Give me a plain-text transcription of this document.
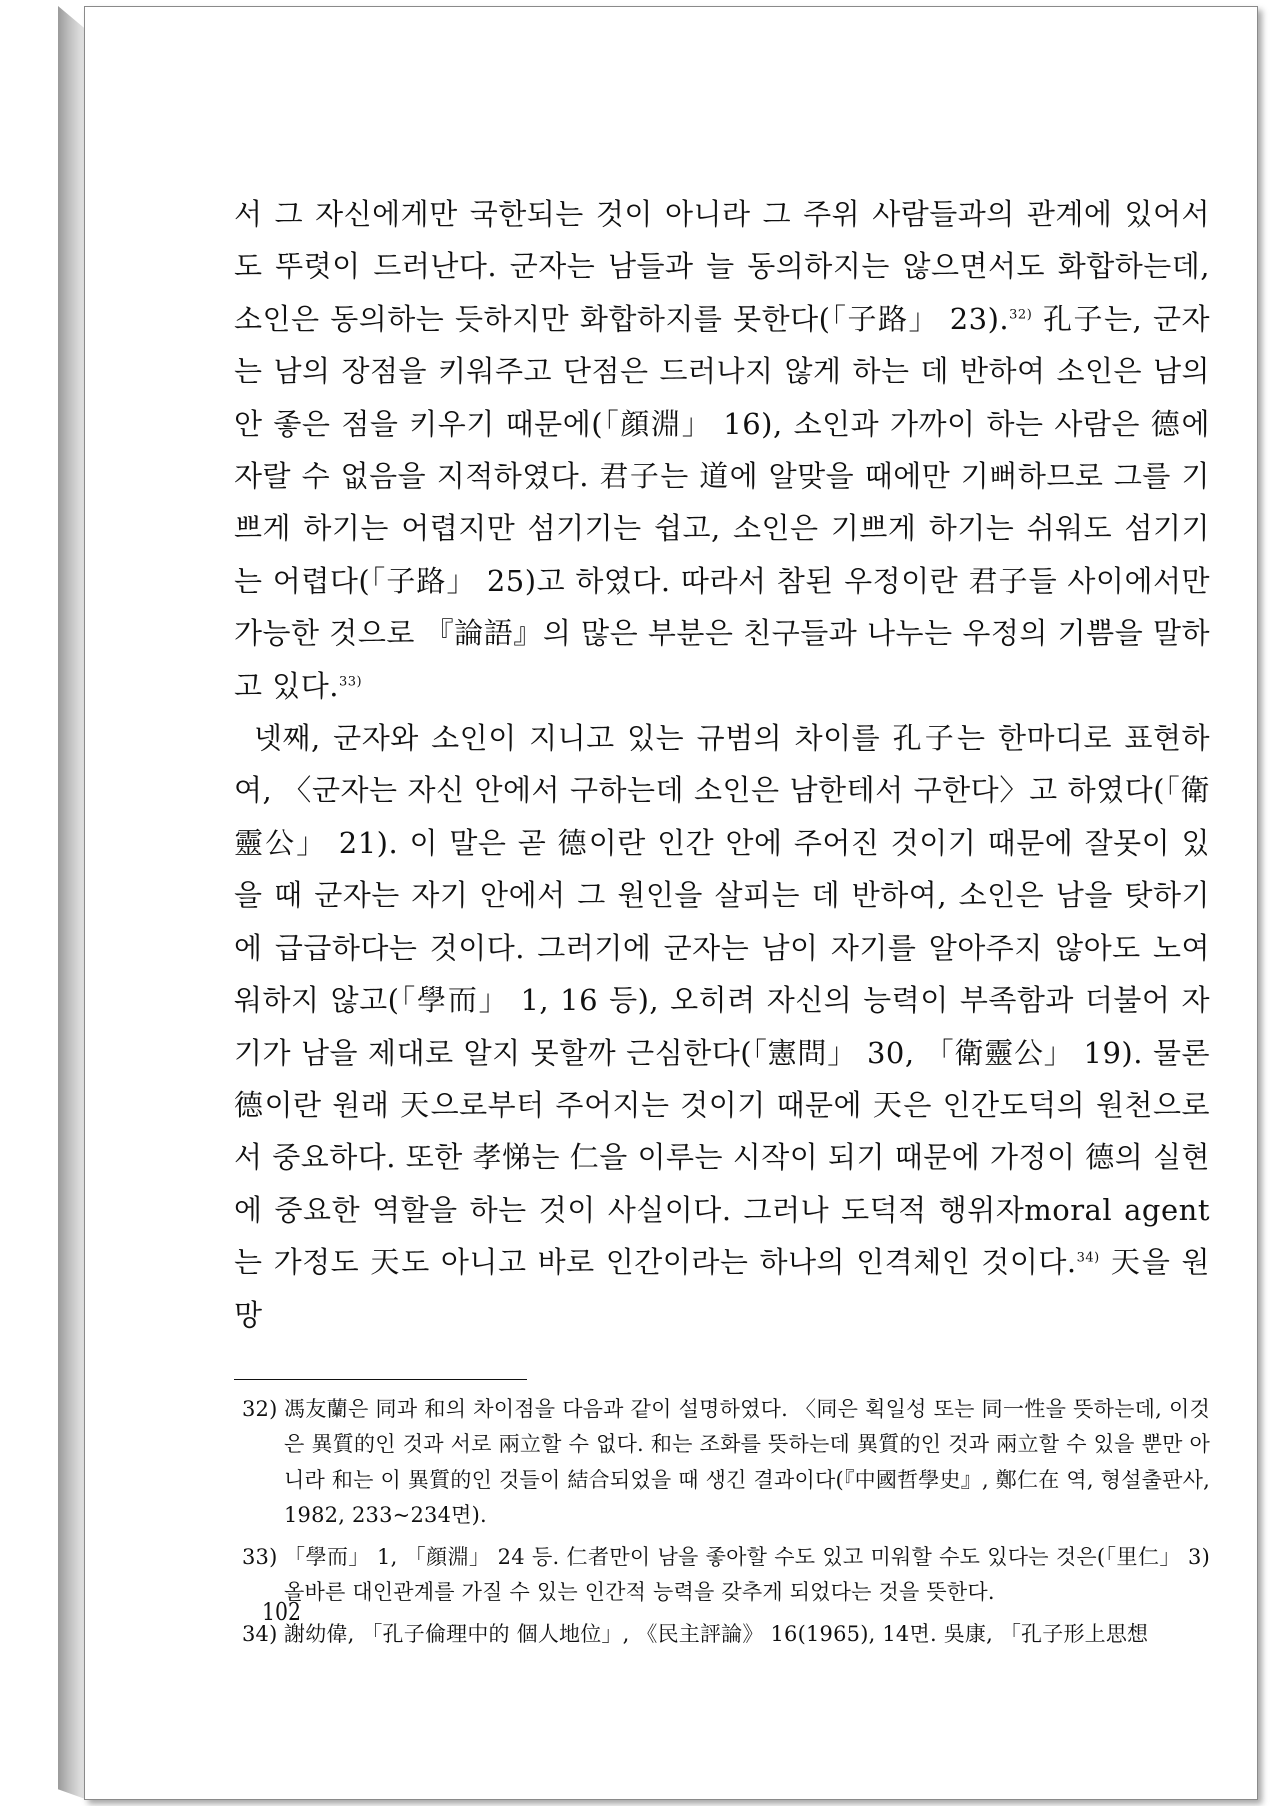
서 그 자신에게만 국한되는 것이 아니라 그 주위 사람들과의 관계에 있어서도 뚜렷이 드러난다. 군자는 남들과 늘 동의하지는 않으면서도 화합하는데, 소인은 동의하는 듯하지만 화합하지를 못한다(「子路」 23).$^{32)}$ 孔子는, 군자는 남의 장점을 키워주고 단점은 드러나지 않게 하는 데 반하여 소인은 남의 안 좋은 점을 키우기 때문에(「顔淵」 16), 소인과 가까이 하는 사람은 德에 자랄 수 없음을 지적하였다. 君子는 道에 알맞을 때에만 기뻐하므로 그를 기쁘게 하기는 어렵지만 섬기기는 쉽고, 소인은 기쁘게 하기는 쉬워도 섬기기는 어렵다(「子路」 25)고 하였다. 따라서 참된 우정이란 君子들 사이에서만 가능한 것으로 『論語』의 많은 부분은 친구들과 나누는 우정의 기쁨을 말하고 있다.$^{33)}$

넷째, 군자와 소인이 지니고 있는 규범의 차이를 孔子는 한마디로 표현하여, 〈군자는 자신 안에서 구하는데 소인은 남한테서 구한다〉고 하였다(「衛靈公」 21). 이 말은 곧 德이란 인간 안에 주어진 것이기 때문에 잘못이 있을 때 군자는 자기 안에서 그 원인을 살피는 데 반하여, 소인은 남을 탓하기에 급급하다는 것이다. 그러기에 군자는 남이 자기를 알아주지 않아도 노여워하지 않고(「學而」 1, 16 등), 오히려 자신의 능력이 부족함과 더불어 자기가 남을 제대로 알지 못할까 근심한다(「憲問」 30, 「衛靈公」 19). 물론 德이란 원래 天으로부터 주어지는 것이기 때문에 天은 인간도덕의 원천으로서 중요하다. 또한 孝悌는 仁을 이루는 시작이 되기 때문에 가정이 德의 실현에 중요한 역할을 하는 것이 사실이다. 그러나 도덕적 행위자moral agent는 가정도 天도 아니고 바로 인간이라는 하나의 인격체인 것이다.$^{34)}$ 天을 원망

32) 馮友蘭은 同과 和의 차이점을 다음과 같이 설명하였다. 〈同은 획일성 또는 同一性을 뜻하는데, 이것은 異質的인 것과 서로 兩立할 수 없다. 和는 조화를 뜻하는데 異質的인 것과 兩立할 수 있을 뿐만 아니라 和는 이 異質的인 것들이 結合되었을 때 생긴 결과이다(『中國哲學史』, 鄭仁在 역, 형설출판사, 1982, 233~234면).
33) 「學而」 1, 「顔淵」 24 등. 仁者만이 남을 좋아할 수도 있고 미워할 수도 있다는 것은(「里仁」 3) 올바른 대인관계를 가질 수 있는 인간적 능력을 갖추게 되었다는 것을 뜻한다.
34) 謝幼偉, 「孔子倫理中的 個人地位」, 《民主評論》 16(1965), 14면. 吳康, 「孔子形上思想
102
